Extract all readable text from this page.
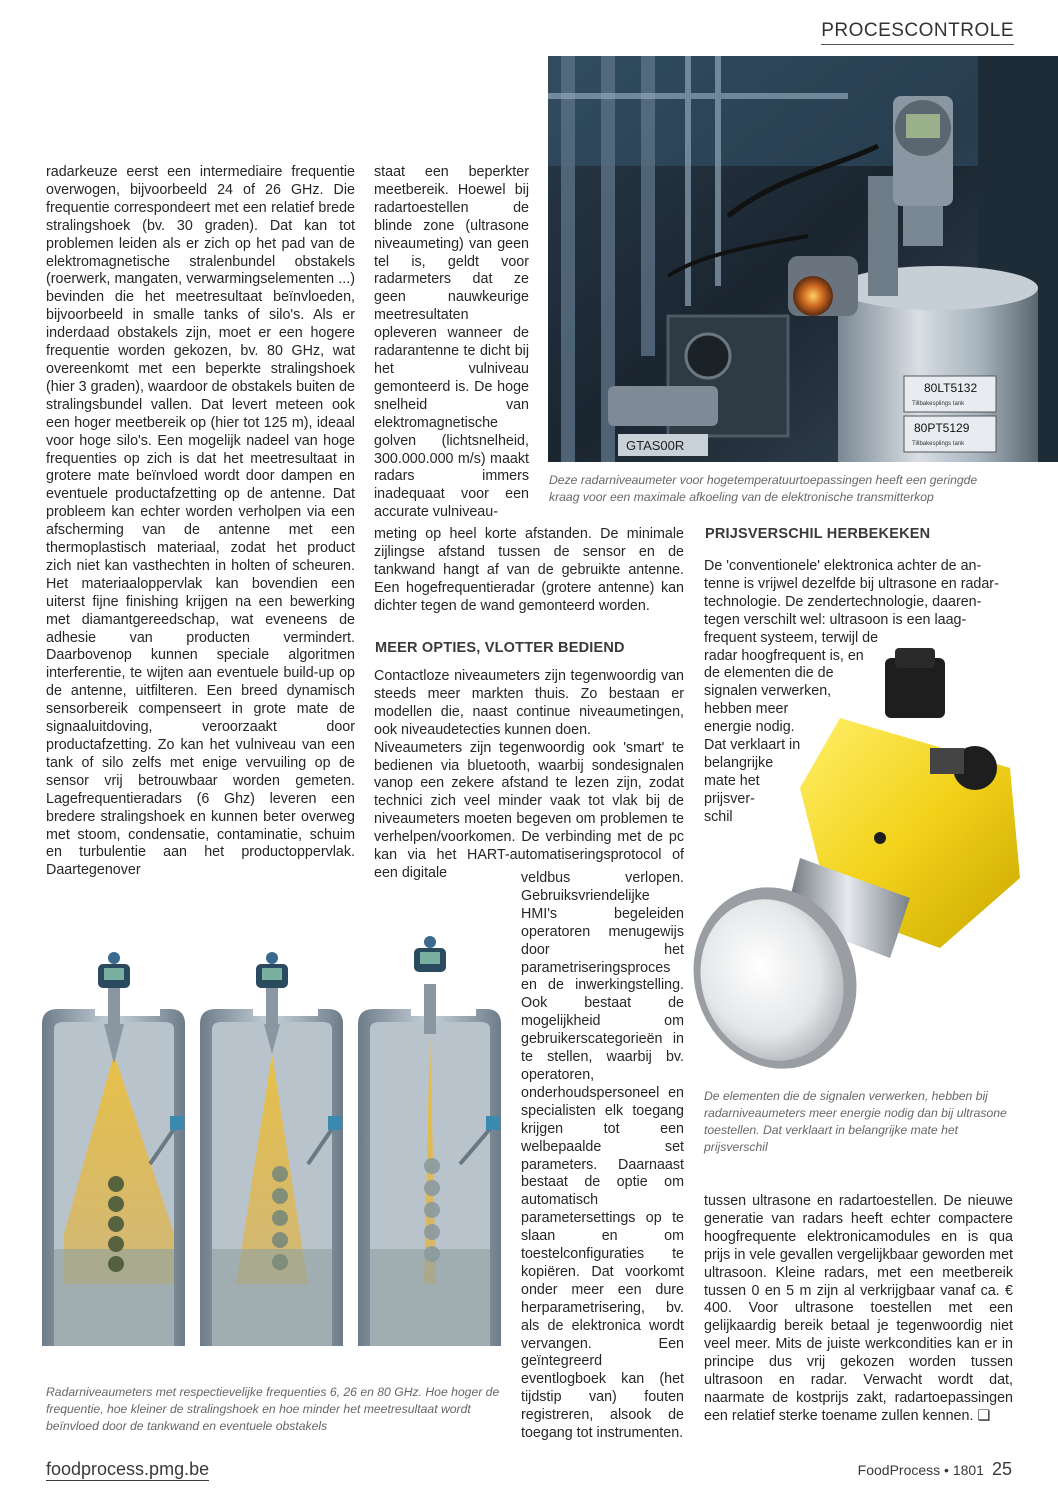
PROCESCONTROLE

radarkeuze eerst een intermediaire frequentie overwogen, bijvoorbeeld 24 of 26 GHz. Die frequentie correspondeert met een relatief brede stralingshoek (bv. 30 graden). Dat kan tot problemen leiden als er zich op het pad van de elektromagnetische stralenbundel obstakels (roerwerk, mangaten, verwarmingselementen ...) bevinden die het meetresultaat beïnvloeden, bijvoorbeeld in smalle tanks of silo's. Als er inderdaad obstakels zijn, moet er een hogere frequentie worden gekozen, bv. 80 GHz, wat overeenkomt met een beperkte stralingshoek (hier 3 graden), waardoor de obstakels buiten de stralingsbundel vallen. Dat levert meteen ook een hoger meetbereik op (hier tot 125 m), ideaal voor hoge silo's. Een mogelijk nadeel van hoge frequenties op zich is dat het meetresultaat in grotere mate beïnvloed wordt door dampen en eventuele productafzetting op de antenne. Dat probleem kan echter worden verholpen via een afscherming van de antenne met een thermoplastisch materiaal, zodat het product zich niet kan vasthechten in holten of scheuren. Het materiaaloppervlak kan bovendien een uiterst fijne finishing krijgen na een bewerking met diamantgereedschap, wat eveneens de adhesie van producten vermindert. Daarbovenop kunnen speciale algoritmen interferentie, te wijten aan eventuele build-up op de antenne, uitfilteren. Een breed dynamisch sensorbereik compenseert in grote mate de signaaluitdoving, veroorzaakt door productafzetting. Zo kan het vulniveau van een tank of silo zelfs met enige vervuiling op de sensor vrij betrouwbaar worden gemeten. Lagefrequentieradars (6 Ghz) leveren een bredere stralingshoek en kunnen beter overweg met stoom, condensatie, contaminatie, schuim en turbulentie aan het productoppervlak. Daartegenover

staat een beperkter meetbereik. Hoewel bij radartoestellen de blinde zone (ultrasone niveaumeting) van geen tel is, geldt voor radarmeters dat ze geen nauwkeurige meetresultaten opleveren wanneer de radarantenne te dicht bij het vulniveau gemonteerd is. De hoge snelheid van elektromagnetische golven (lichtsnelheid, 300.000.000 m/s) maakt radars immers inadequaat voor een accurate vulniveau-

GTAS00R
80LT5132
Tillbakesplings tank
80PT5129
Tillbakesplings tank
Deze radarniveaumeter voor hogetemperatuurtoepassingen heeft een geringde kraag voor een maximale afkoeling van de elektronische transmitterkop

meting op heel korte afstanden. De minimale zijlingse afstand tussen de sensor en de tankwand hangt af van de gebruikte antenne. Een hogefrequentieradar (grotere antenne) kan dichter tegen de wand gemonteerd worden.

MEER OPTIES, VLOTTER BEDIEND

Contactloze niveaumeters zijn tegenwoordig van steeds meer markten thuis. Zo bestaan er modellen die, naast continue niveaumetingen, ook niveaudetecties kunnen doen.

Niveaumeters zijn tegenwoordig ook 'smart' te bedienen via bluetooth, waarbij sondesignalen vanop een zekere afstand te lezen zijn, zodat technici zich veel minder vaak tot vlak bij de niveaumeters moeten begeven om problemen te verhelpen/voorkomen. De verbinding met de pc kan via het HART-automatiseringsprotocol of een digitale	veldbus verlopen. Gebruiksvriendelijke HMI's begeleiden operatoren menugewijs door het parametriseringsproces en de inwerkingstelling. Ook bestaat de mogelijkheid om gebruikerscategorieën in te stellen, waarbij bv. operatoren, onderhoudspersoneel en specialisten elk toegang krijgen tot een welbepaalde set parameters. Daarnaast bestaat de optie om automatisch parametersettings op te slaan en om toestelconfiguraties te kopiëren. Dat voorkomt onder meer een dure herparametrisering, bv. als de elektronica wordt vervangen. Een geïntegreerd eventlogboek kan (het tijdstip van) fouten registreren, alsook de toegang tot instrumenten.

PRIJSVERSCHIL HERBEKEKEN
De 'conventionele' elektronica achter de an-
tenne is vrijwel dezelfde bij ultrasone en radar-
technologie. De zendertechnologie, daaren-
tegen verschilt wel: ultrasoon is een laag-
frequent systeem, terwijl de
radar hoogfrequent is, en
de elementen die de
signalen verwerken,
hebben meer
energie nodig.
Dat verklaart in
belangrijke
mate het
prijsver-
schil
De elementen die de signalen verwerken, hebben bij radarniveaumeters meer energie nodig dan bij ultrasone toestellen. Dat verklaart in belangrijke mate het prijsverschil

tussen ultrasone en radartoestellen. De nieuwe generatie van radars heeft echter compactere hoogfrequente elektronicamodules en is qua prijs in vele gevallen vergelijkbaar geworden met ultrasoon. Kleine radars, met een meetbereik tussen 0 en 5 m zijn al verkrijgbaar vanaf ca. € 400. Voor ultrasone toestellen met een gelijkaardig bereik betaal je tegenwoordig niet veel meer. Mits de juiste werkcondities kan er in principe dus vrij gekozen worden tussen ultrasoon en radar. Verwacht wordt dat, naarmate de kostprijs zakt, radartoepassingen een relatief sterke toename zullen kennen. ❑

Radarniveaumeters met respectievelijke frequenties 6, 26 en 80 GHz. Hoe hoger de frequentie, hoe kleiner de stralingshoek en hoe minder het meetresultaat wordt beïnvloed door de tankwand en eventuele obstakels
foodprocess.pmg.be	FoodProcess • 1801 25
